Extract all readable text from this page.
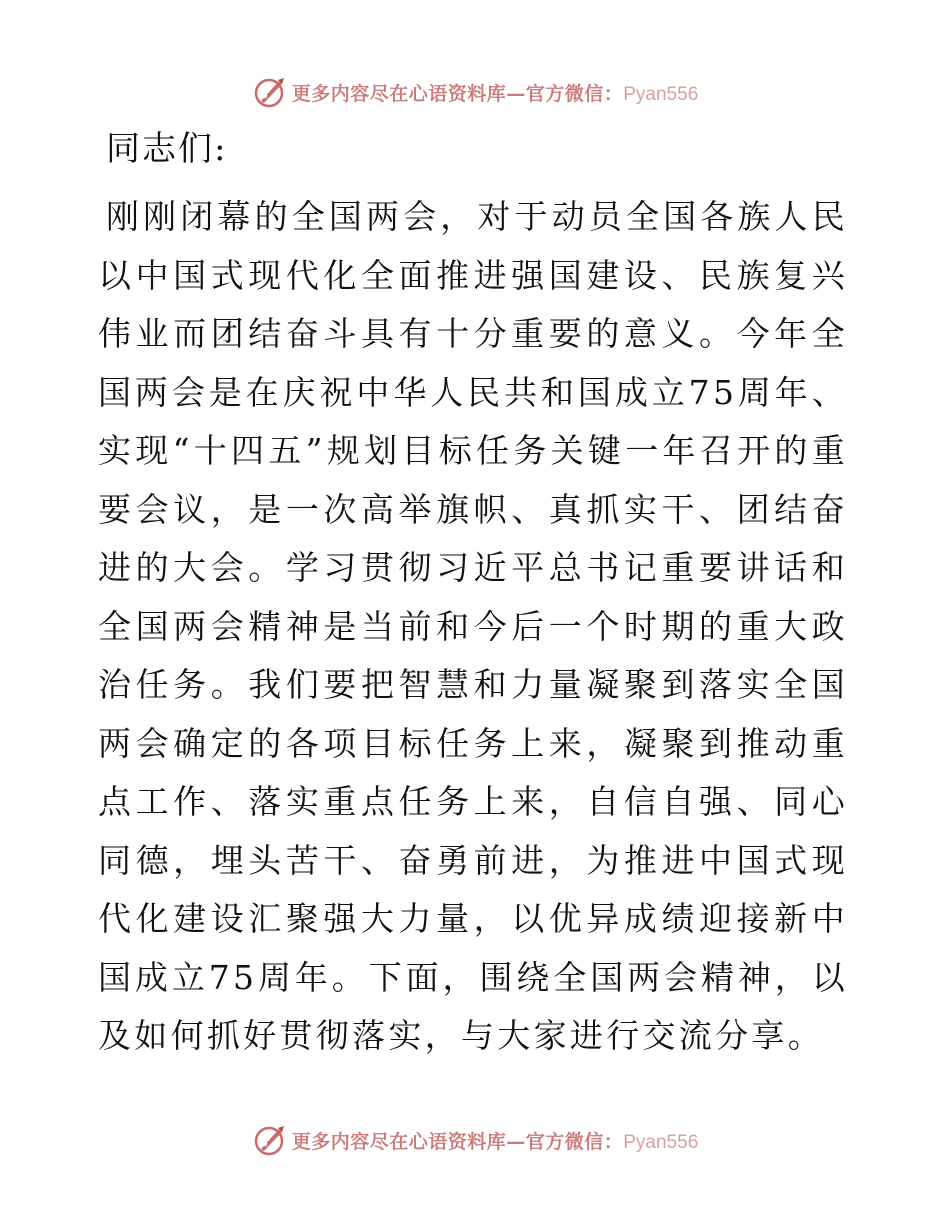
更多内容尽在心语资料库—官方微信：Pyan556

同志们:

刚刚闭幕的全国两会，对于动员全国各族人民以中国式现代化全面推进强国建设、民族复兴伟业而团结奋斗具有十分重要的意义。今年全国两会是在庆祝中华人民共和国成立75周年、实现“十四五”规划目标任务关键一年召开的重要会议，是一次高举旗帜、真抓实干、团结奋进的大会。学习贯彻习近平总书记重要讲话和全国两会精神是当前和今后一个时期的重大政治任务。我们要把智慧和力量凝聚到落实全国两会确定的各项目标任务上来，凝聚到推动重点工作、落实重点任务上来，自信自强、同心同德，埋头苦干、奋勇前进，为推进中国式现代化建设汇聚强大力量，以优异成绩迎接新中国成立75周年。下面，围绕全国两会精神，以及如何抓好贯彻落实，与大家进行交流分享。

更多内容尽在心语资料库—官方微信：Pyan556
